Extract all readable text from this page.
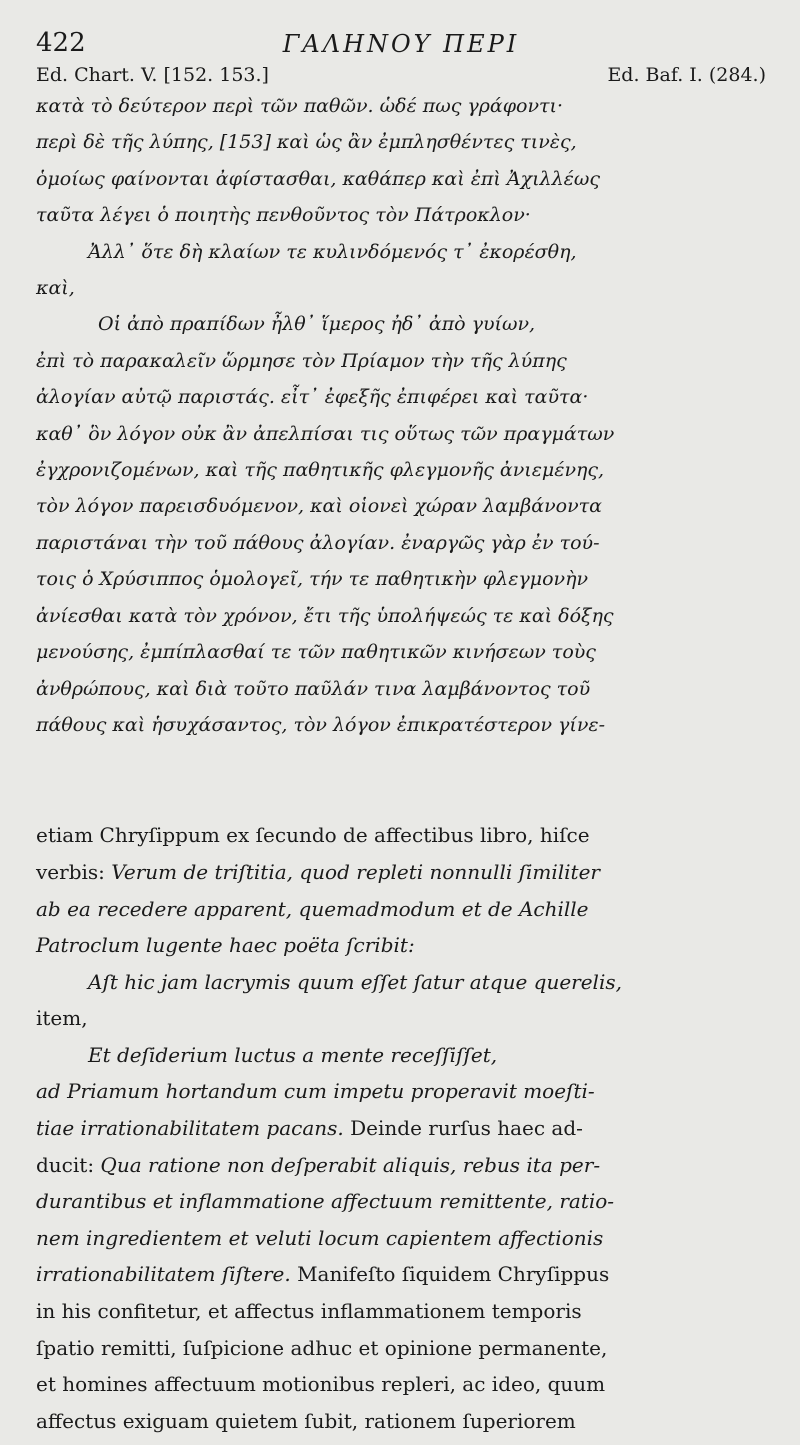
422	ΓΑΛΗΝΟΥ ΠΕΡΙ
Ed. Chart. V. [152. 153.]	Ed. Baf. I. (284.)
κατὰ τὸ δεύτερον περὶ τῶν παθῶν. ὡδέ πως γράφοντι·
περὶ δὲ τῆς λύπης, [153] καὶ ὡς ἂν ἐμπλησθέντες τινὲς,
ὁμοίως φαίνονται ἀφίστασθαι, καθάπερ καὶ ἐπὶ Ἀχιλλέως
ταῦτα λέγει ὁ ποιητὴς πενθοῦντος τὸν Πάτροκλον·
Ἀλλ᾽ ὅτε δὴ κλαίων τε κυλινδόμενός τ᾽ ἐκορέσθη,
καὶ,
Οἱ ἀπὸ πραπίδων ἦλθ᾽ ἵμερος ἠδ᾽ ἀπὸ γυίων,
ἐπὶ τὸ παρακαλεῖν ὥρμησε τὸν Πρίαμον τὴν τῆς λύπης
ἀλογίαν αὐτῷ παριστάς. εἶτ᾽ ἐφεξῆς ἐπιφέρει καὶ ταῦτα·
καθ᾽ ὃν λόγον οὐκ ἂν ἀπελπίσαι τις οὕτως τῶν πραγμάτων
ἐγχρονιζομένων, καὶ τῆς παθητικῆς φλεγμονῆς ἀνιεμένης,
τὸν λόγον παρεισδυόμενον, καὶ οἱονεὶ χώραν λαμβάνοντα
παριστάναι τὴν τοῦ πάθους ἀλογίαν. ἐναργῶς γὰρ ἐν τού-
τοις ὁ Χρύσιππος ὁμολογεῖ, τήν τε παθητικὴν φλεγμονὴν
ἀνίεσθαι κατὰ τὸν χρόνον, ἔτι τῆς ὑπολήψεώς τε καὶ δόξης
μενούσης, ἐμπίπλασθαί τε τῶν παθητικῶν κινήσεων τοὺς
ἀνθρώπους, καὶ διὰ τοῦτο παῦλάν τινα λαμβάνοντος τοῦ
πάθους καὶ ἡσυχάσαντος, τὸν λόγον ἐπικρατέστερον γίνε-
etiam Chryſippum ex ſecundo de affectibus libro, hiſce
verbis: Verum de triſtitia, quod repleti nonnulli ſimiliter
ab ea recedere apparent, quemadmodum et de Achille
Patroclum lugente haec poëta ſcribit:
Aſt hic jam lacrymis quum eſſet ſatur atque querelis,
item,
Et deſiderium luctus a mente receſſiſſet,
ad Priamum hortandum cum impetu properavit moeſti-
tiae irrationabilitatem pacans. Deinde rurſus haec ad-
ducit: Qua ratione non deſperabit aliquis, rebus ita per-
durantibus et inflammatione affectuum remittente, ratio-
nem ingredientem et veluti locum capientem affectionis
irrationabilitatem ſiſtere. Manifeſto ſiquidem Chryſippus
in his confitetur, et affectus inflammationem temporis
ſpatio remitti, ſuſpicione adhuc et opinione permanente,
et homines affectuum motionibus repleri, ac ideo, quum
affectus exiguam quietem ſubit, rationem ſuperiorem
